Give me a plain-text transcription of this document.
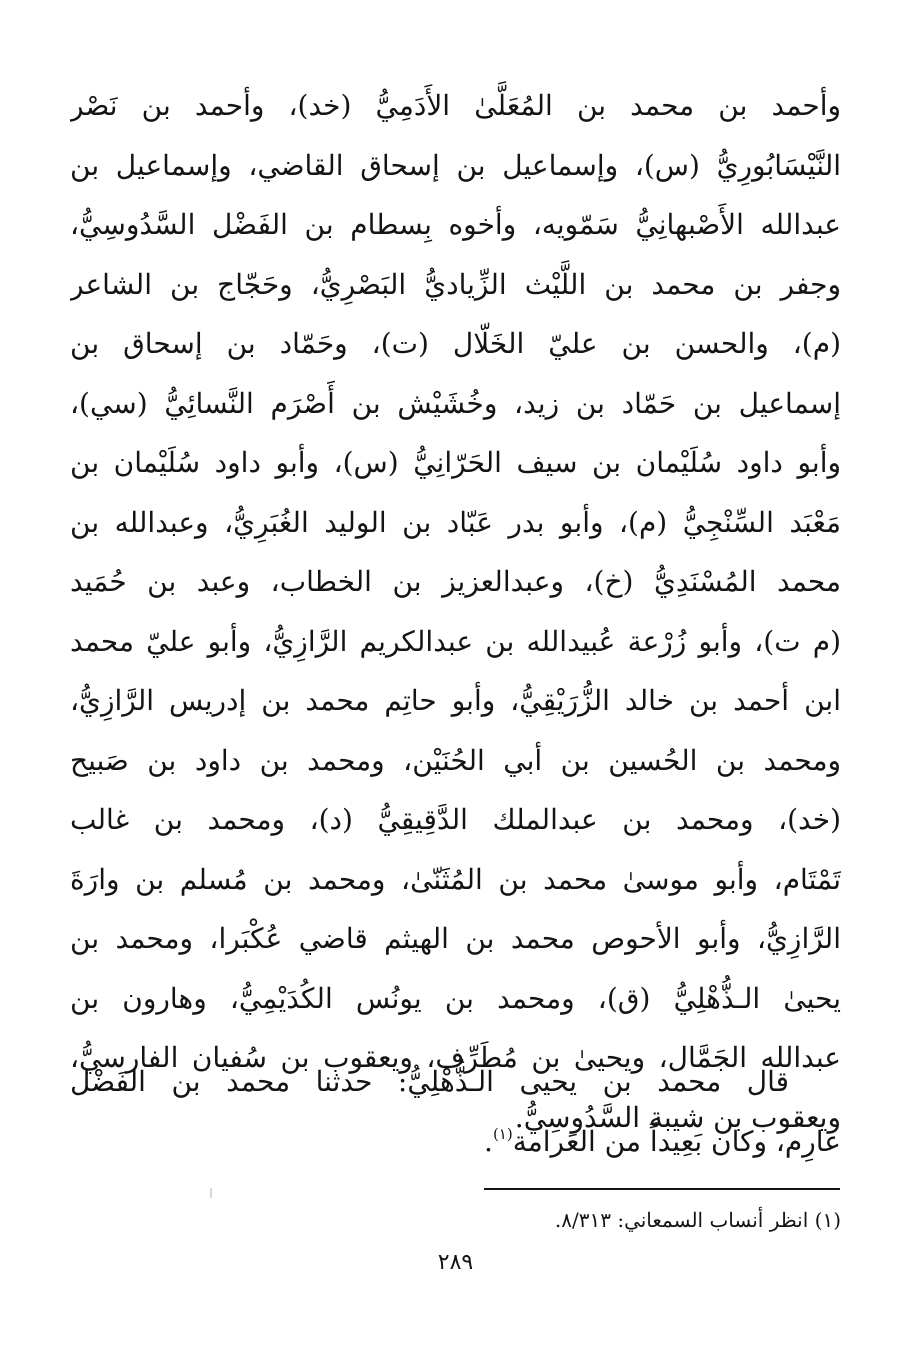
وأحمد بن محمد بن المُعَلَّىٰ الأَدَمِيُّ (خد)، وأحمد بن نَصْر
النَّيْسَابُورِيُّ (س)، وإسماعيل بن إسحاق القاضي، وإسماعيل بن
عبدالله الأَصْبهانِيُّ سَمّويه، وأخوه بِسطام بن الفَضْل السَّدُوسِيُّ،
وجفر بن محمد بن اللَّيْث الزِّياديُّ البَصْرِيُّ، وحَجّاج بن الشاعر
(م)، والحسن بن عليّ الخَلّال (ت)، وحَمّاد بن إسحاق بن
إسماعيل بن حَمّاد بن زيد، وخُشَيْش بن أَصْرَم النَّسائِيُّ (سي)،
وأبو داود سُلَيْمان بن سيف الحَرّانِيُّ (س)، وأبو داود سُلَيْمان بن
مَعْبَد السِّنْجِيُّ (م)، وأبو بدر عَبّاد بن الوليد الغُبَرِيُّ، وعبدالله بن
محمد المُسْنَدِيُّ (خ)، وعبدالعزيز بن الخطاب، وعبد بن حُمَيد
(م ت)، وأبو زُرْعة عُبيدالله بن عبدالكريم الرَّازِيُّ، وأبو عليّ محمد
ابن أحمد بن خالد الزُّرَيْقِيُّ، وأبو حاتِم محمد بن إدريس الرَّازِيُّ،
ومحمد بن الحُسين بن أبي الحُنَيْن، ومحمد بن داود بن صَبيح
(خد)، ومحمد بن عبدالملك الدَّقِيقِيُّ (د)، ومحمد بن غالب
تَمْتَام، وأبو موسىٰ محمد بن المُثَنّىٰ، ومحمد بن مُسلم بن وارَةَ
الرَّازِيُّ، وأبو الأحوص محمد بن الهيثم قاضي عُكْبَرا، ومحمد بن
يحيىٰ الـذُّهْلِيُّ (ق)، ومحمد بن يونُس الكُدَيْمِيُّ، وهارون بن
عبدالله الجَمَّال، ويحيىٰ بن مُطَرِّف، ويعقوب بن سُفيان الفارسيُّ،
ويعقوب بن شيبة السَّدُوسِيُّ.
قال محمد بن يحيى الـذُّهْلِيُّ: حدثنا محمد بن الفَضْل
عارِم، وكان بَعِيداً من العَرامة$^{(١)}$.
(١) انظر أنساب السمعاني: ٨/٣١٣.
٢٨٩
